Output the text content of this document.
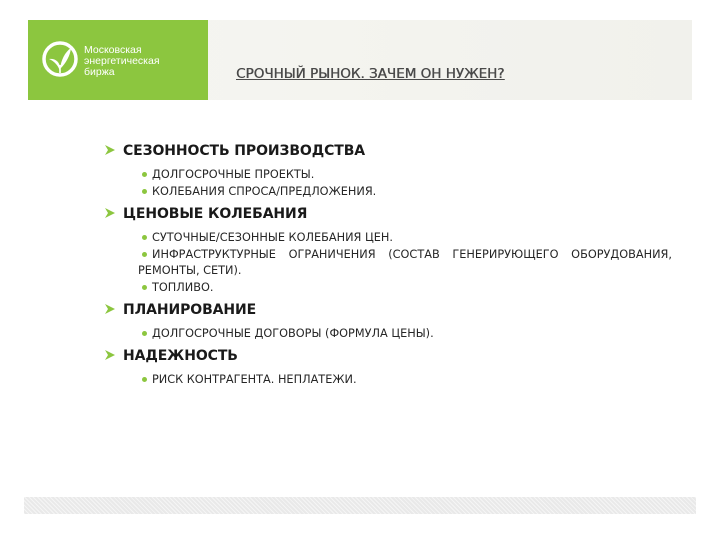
Московская
энергетическая
биржа	СРОЧНЫЙ РЫНОК. ЗАЧЕМ ОН НУЖЕН?
СЕЗОННОСТЬ ПРОИЗВОДСТВА
ДОЛГОСРОЧНЫЕ ПРОЕКТЫ.
КОЛЕБАНИЯ СПРОСА/ПРЕДЛОЖЕНИЯ.
ЦЕНОВЫЕ КОЛЕБАНИЯ
СУТОЧНЫЕ/СЕЗОННЫЕ КОЛЕБАНИЯ ЦЕН.
ИНФРАСТРУКТУРНЫЕ ОГРАНИЧЕНИЯ (СОСТАВ ГЕНЕРИРУЮЩЕГО ОБОРУДОВАНИЯ, РЕМОНТЫ, СЕТИ).
ТОПЛИВО.
ПЛАНИРОВАНИЕ
ДОЛГОСРОЧНЫЕ ДОГОВОРЫ (ФОРМУЛА ЦЕНЫ).
НАДЕЖНОСТЬ
РИСК КОНТРАГЕНТА. НЕПЛАТЕЖИ.
